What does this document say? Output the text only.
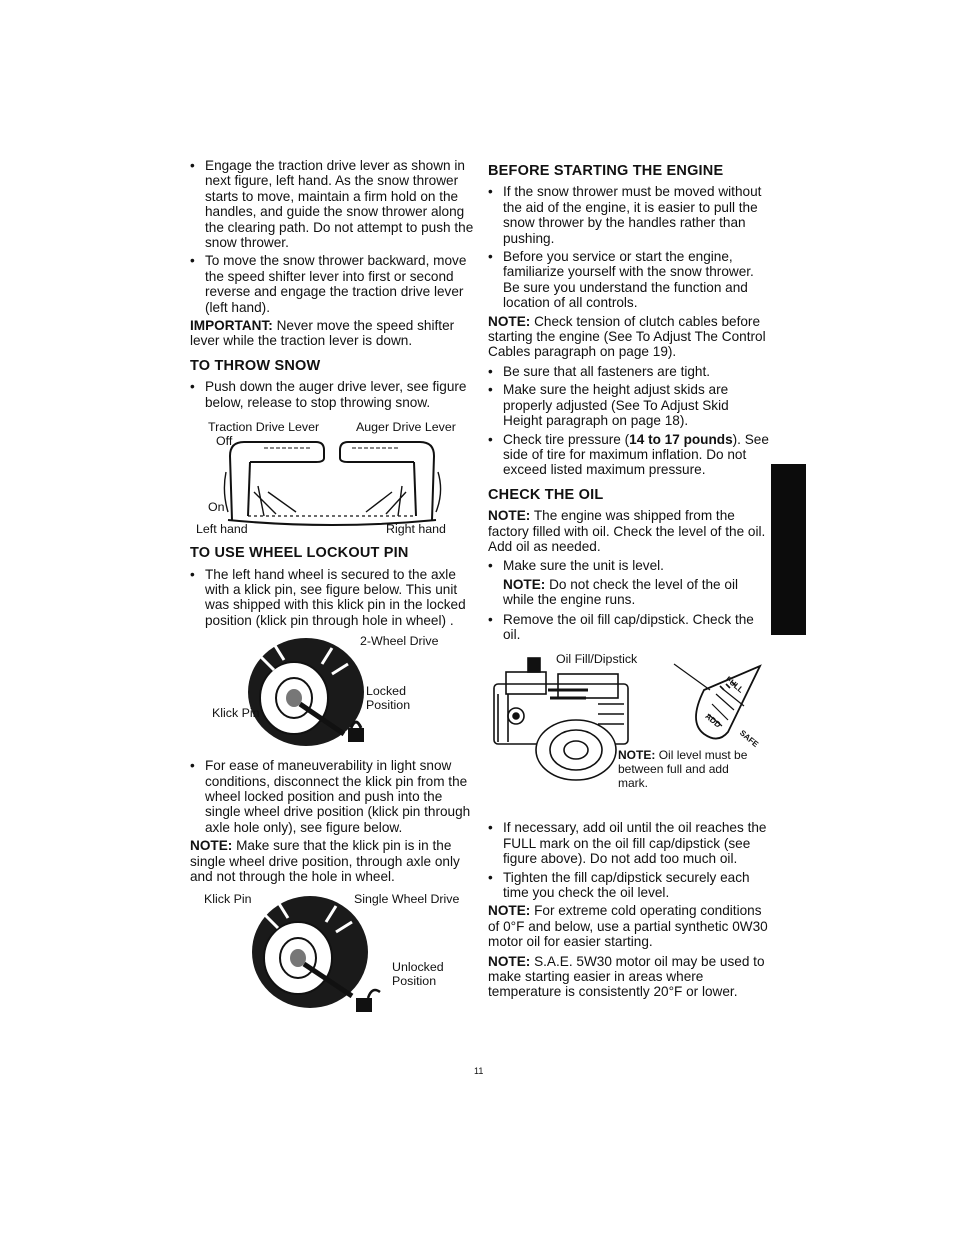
• Engage the traction drive lever as shown in next figure, left hand. As the snow thrower starts to move, maintain a firm hold on the handles, and guide the snow thrower along the clearing path. Do not attempt to push the snow thrower.

• To move the snow thrower backward, move the speed shifter lever into first or second reverse and engage the traction drive lever (left hand).

IMPORTANT: Never move the speed shifter lever while the traction lever is down.

TO THROW SNOW

• Push down the auger drive lever, see figure below, release to stop throwing snow.

Traction Drive Lever	Auger Drive Lever
Off
On
Left hand	Right hand
TO USE WHEEL LOCKOUT PIN

• The left hand wheel is secured to the axle with a klick pin, see figure below. This unit was shipped with this klick pin in the locked position (klick pin through hole in wheel) .

2-Wheel Drive
Locked Position
Klick Pin

• For ease of maneuverability in light snow conditions, disconnect the klick pin from the wheel locked position and push into the single wheel drive position (klick pin through axle hole only), see figure below.

NOTE: Make sure that the klick pin is in the single wheel drive position, through axle only and not through the hole in wheel.

Klick Pin	Single Wheel Drive
Unlocked Position
BEFORE STARTING THE ENGINE

• If the snow thrower must be moved without the aid of the engine, it is easier to pull the snow thrower by the handles rather than pushing.

• Before you service or start the engine, familiarize yourself with the snow thrower. Be sure you understand the function and location of all controls.

NOTE: Check tension of clutch cables before starting the engine (See To Adjust The Control Cables paragraph on page 19).

• Be sure that all fasteners are tight.

• Make sure the height adjust skids are properly adjusted (See To Adjust Skid Height paragraph on page 18).

• Check tire pressure (14 to 17 pounds). See side of tire for maximum inflation. Do not exceed listed maximum pressure.

CHECK THE OIL

NOTE: The engine was shipped from the factory filled with oil. Check the level of the oil. Add oil as needed.

• Make sure the unit is level.

NOTE: Do not check the level of the oil while the engine runs.

• Remove the oil fill cap/dipstick. Check the oil.

Oil Fill/Dipstick
FULL
ADD
SAFE
NOTE: Oil level must be between full and add mark.

• If necessary, add oil until the oil reaches the FULL mark on the oil fill cap/dipstick (see figure above). Do not add too much oil.

• Tighten the fill cap/dipstick securely each time you check the oil level.

NOTE: For extreme cold operating conditions of 0°F and below, use a partial synthetic 0W30 motor oil for easier starting.

NOTE: S.A.E. 5W30 motor oil may be used to make starting easier in areas where temperature is consistently 20°F or lower.

11
